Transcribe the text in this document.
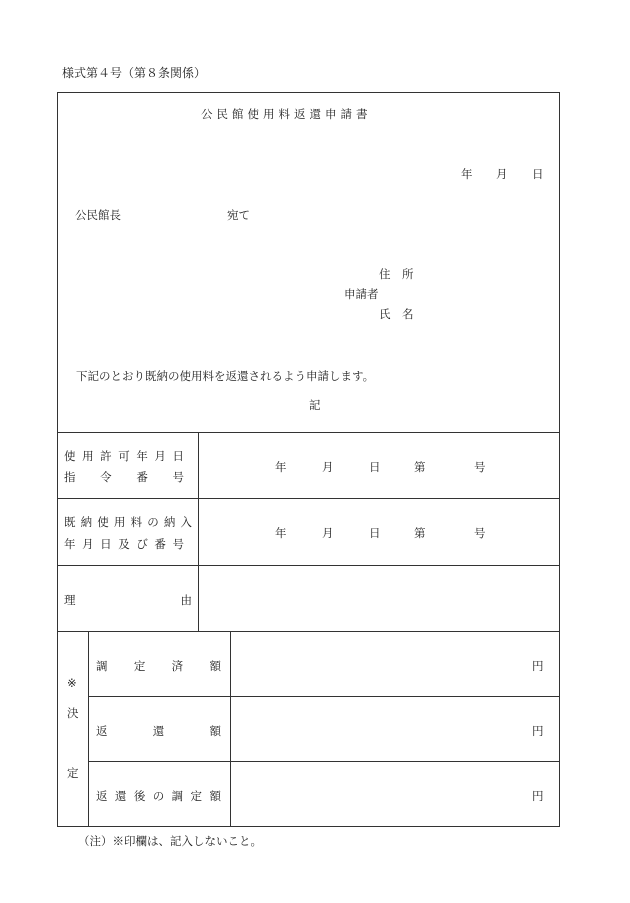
様式第４号（第８条関係）
公民館使用料返還申請書
年 月 日
公民館長	宛て
住　所
申請者
氏　名
下記のとおり既納の使用料を返還されるよう申請します。
記
使 用 許 可 年 月 日
指 令 番 号
年	月	日	第	号
既 納 使 用 料 の 納 入
年 月 日 及 び 番 号
年	月	日	第	号
理	由
※
決
定
調 定 済 額	円
返	還	額	円
返 還 後 の 調 定 額	円
（注）※印欄は、記入しないこと。
